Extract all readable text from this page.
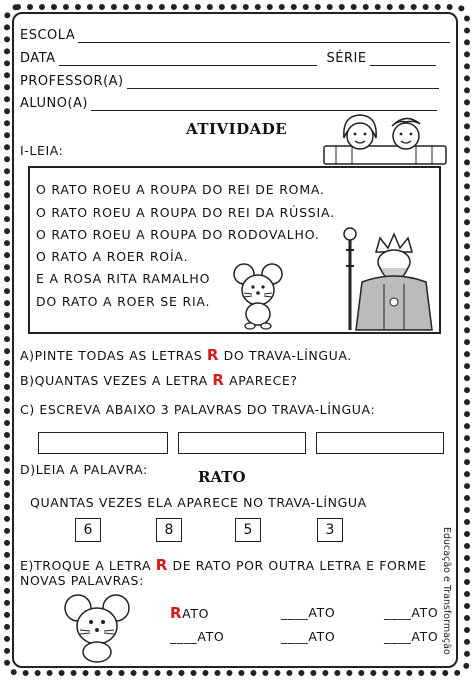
ESCOLA
DATA	SÉRIE
PROFESSOR(A)
ALUNO(A)
ATIVIDADE
I-LEIA:
O RATO ROEU A ROUPA DO REI DE ROMA.
O RATO ROEU A ROUPA DO REI DA RÚSSIA.
O RATO ROEU A ROUPA DO RODOVALHO.
O RATO A ROER ROÍA.
E A ROSA RITA RAMALHO
DO RATO A ROER SE RIA.
A)PINTE TODAS AS LETRAS R DO TRAVA-LÍNGUA.
B)QUANTAS VEZES A LETRA R APARECE?
C) ESCREVA ABAIXO 3 PALAVRAS DO TRAVA-LÍNGUA:
D)LEIA A PALAVRA:	RATO
QUANTAS VEZES ELA APARECE NO TRAVA-LÍNGUA
6	8	5	3
E)TROQUE A LETRA R DE RATO POR OUTRA LETRA E FORME
NOVAS PALAVRAS:
RATO	____ATO	____ATO
____ATO	____ATO	____ATO Educação e Transformação
